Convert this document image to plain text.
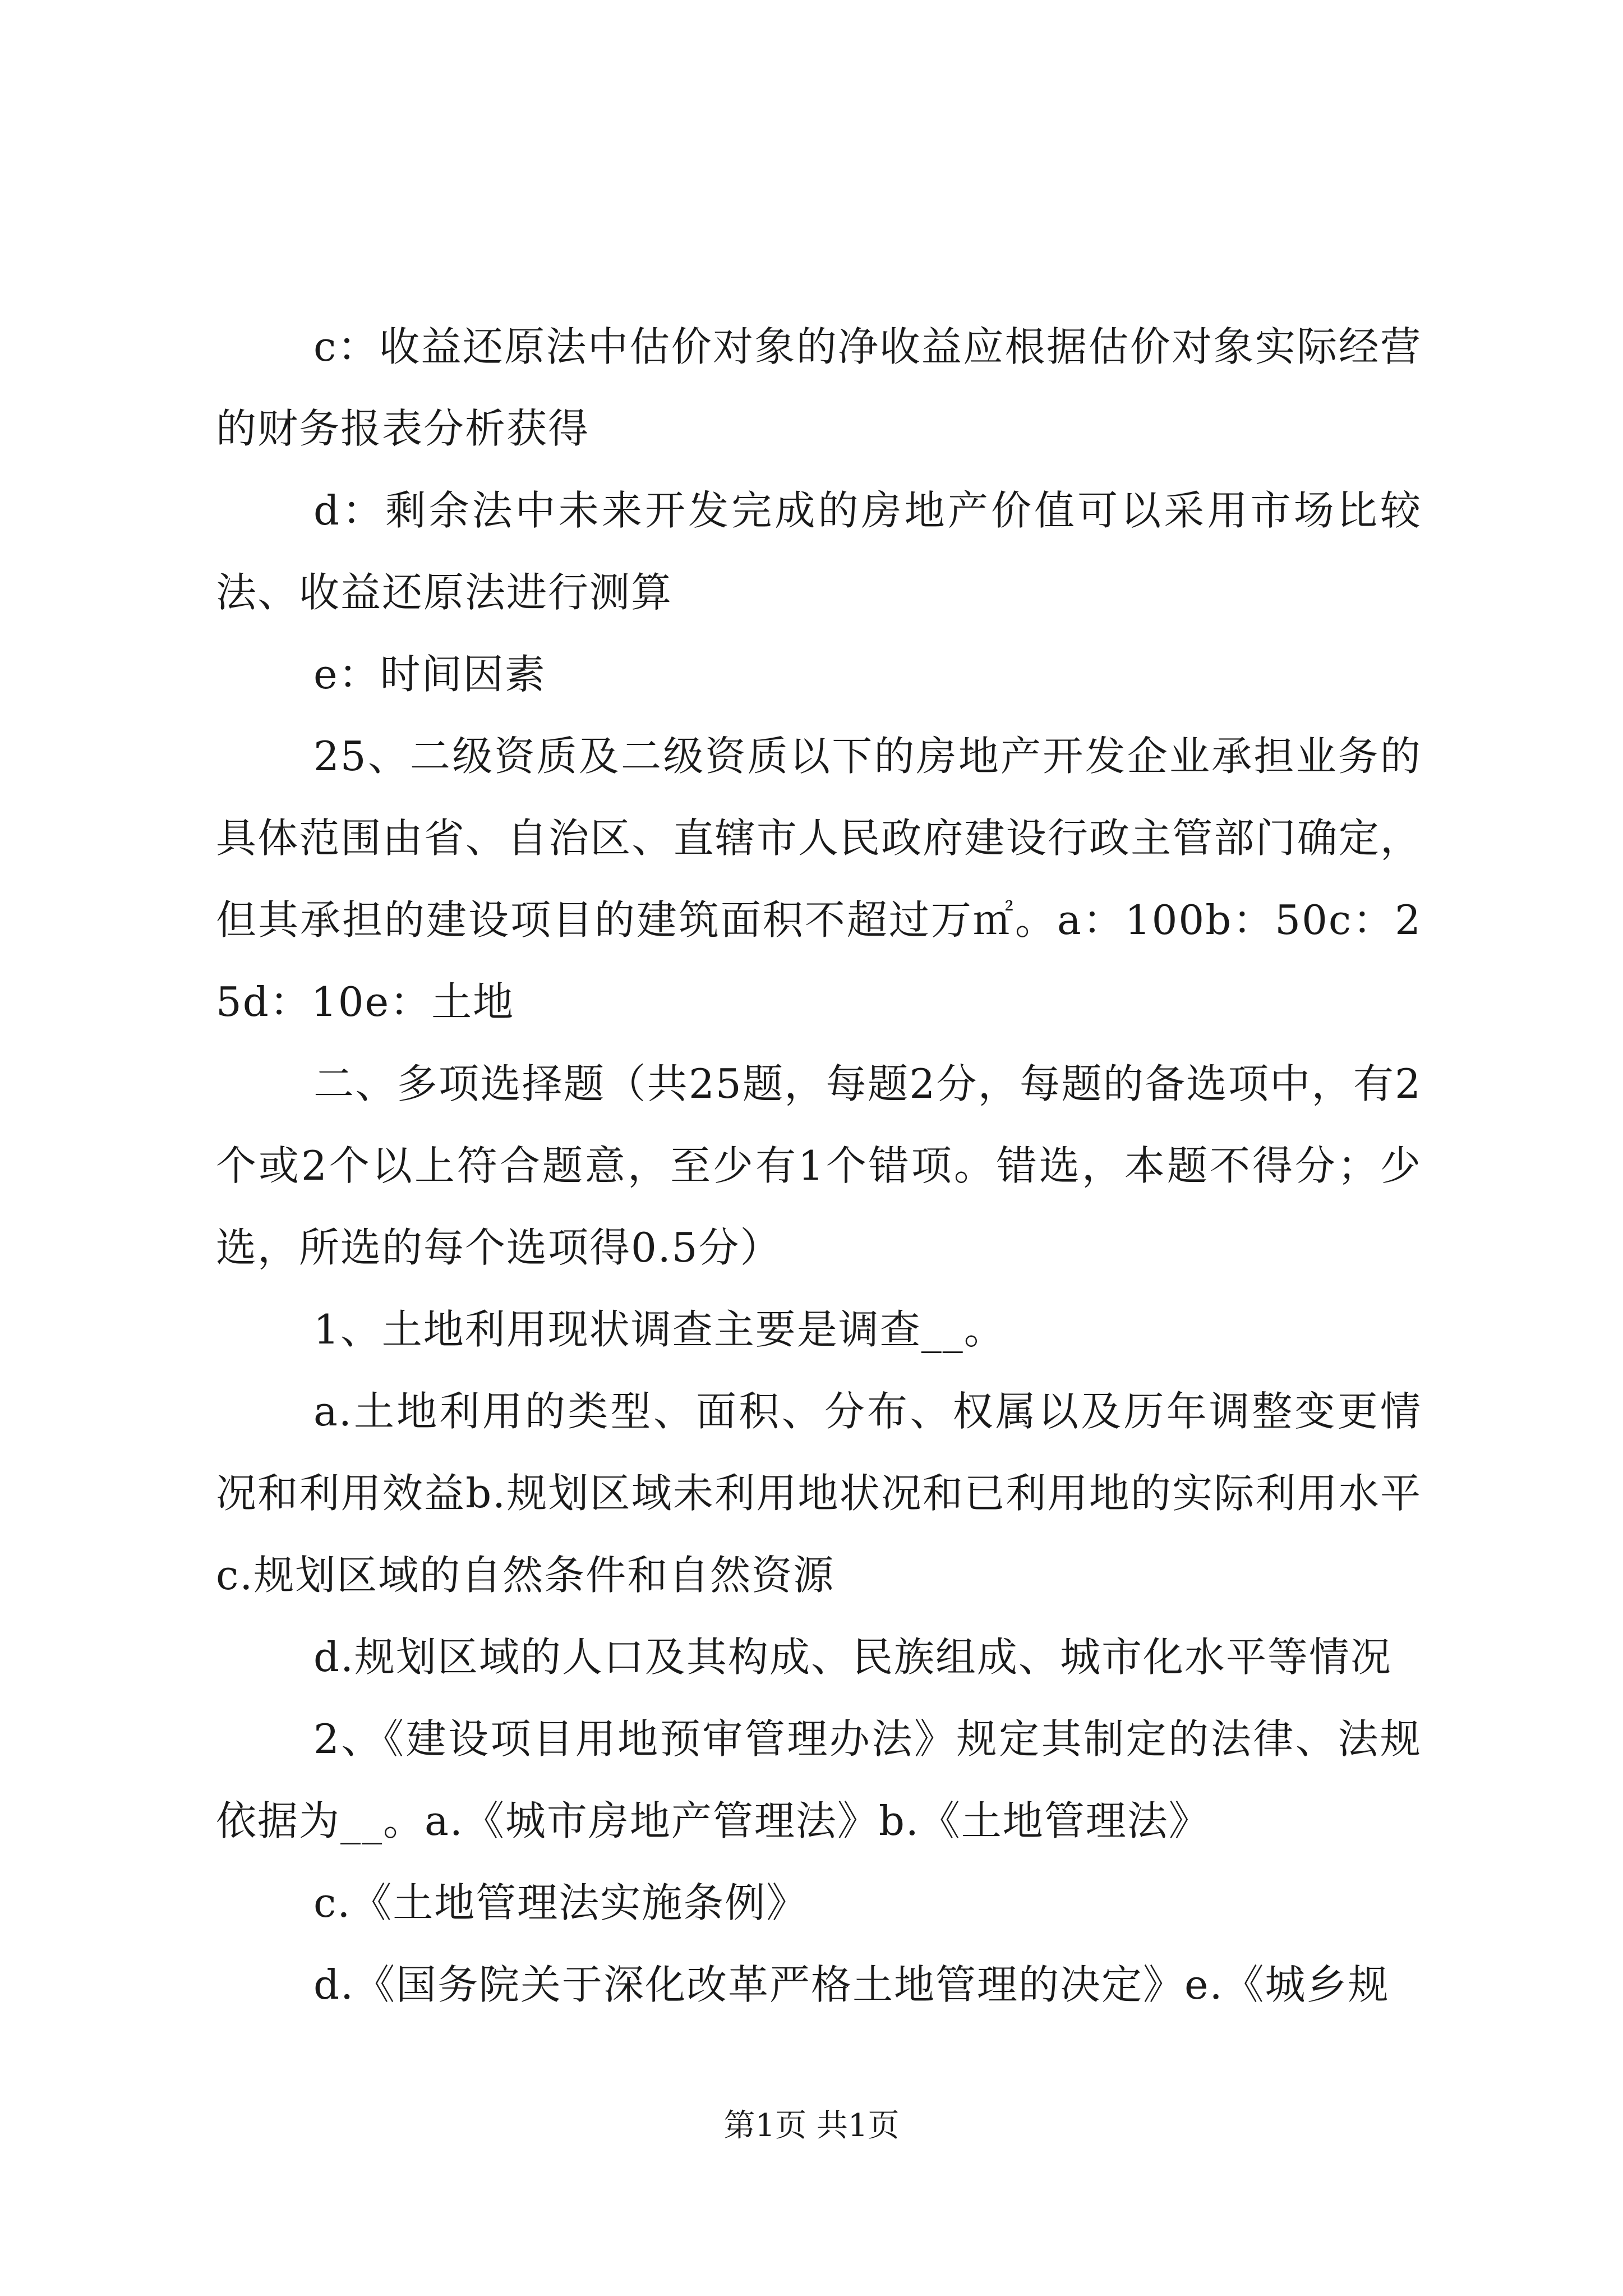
c：收益还原法中估价对象的净收益应根据估价对象实际经营的财务报表分析获得

d：剩余法中未来开发完成的房地产价值可以采用市场比较法、收益还原法进行测算

e：时间因素

25、二级资质及二级资质以下的房地产开发企业承担业务的具体范围由省、自治区、直辖市人民政府建设行政主管部门确定，但其承担的建设项目的建筑面积不超过万㎡。a：100b：50c：25d：10e：土地

二、多项选择题（共25题，每题2分，每题的备选项中，有2个或2个以上符合题意，至少有1个错项。错选，本题不得分；少选，所选的每个选项得0.5分）

1、土地利用现状调查主要是调查__。

a.土地利用的类型、面积、分布、权属以及历年调整变更情况和利用效益b.规划区域未利用地状况和已利用地的实际利用水平c.规划区域的自然条件和自然资源

d.规划区域的人口及其构成、民族组成、城市化水平等情况

2、《建设项目用地预审管理办法》规定其制定的法律、法规依据为__。a.《城市房地产管理法》b.《土地管理法》

c.《土地管理法实施条例》

d.《国务院关于深化改革严格土地管理的决定》e.《城乡规

第1页 共1页
